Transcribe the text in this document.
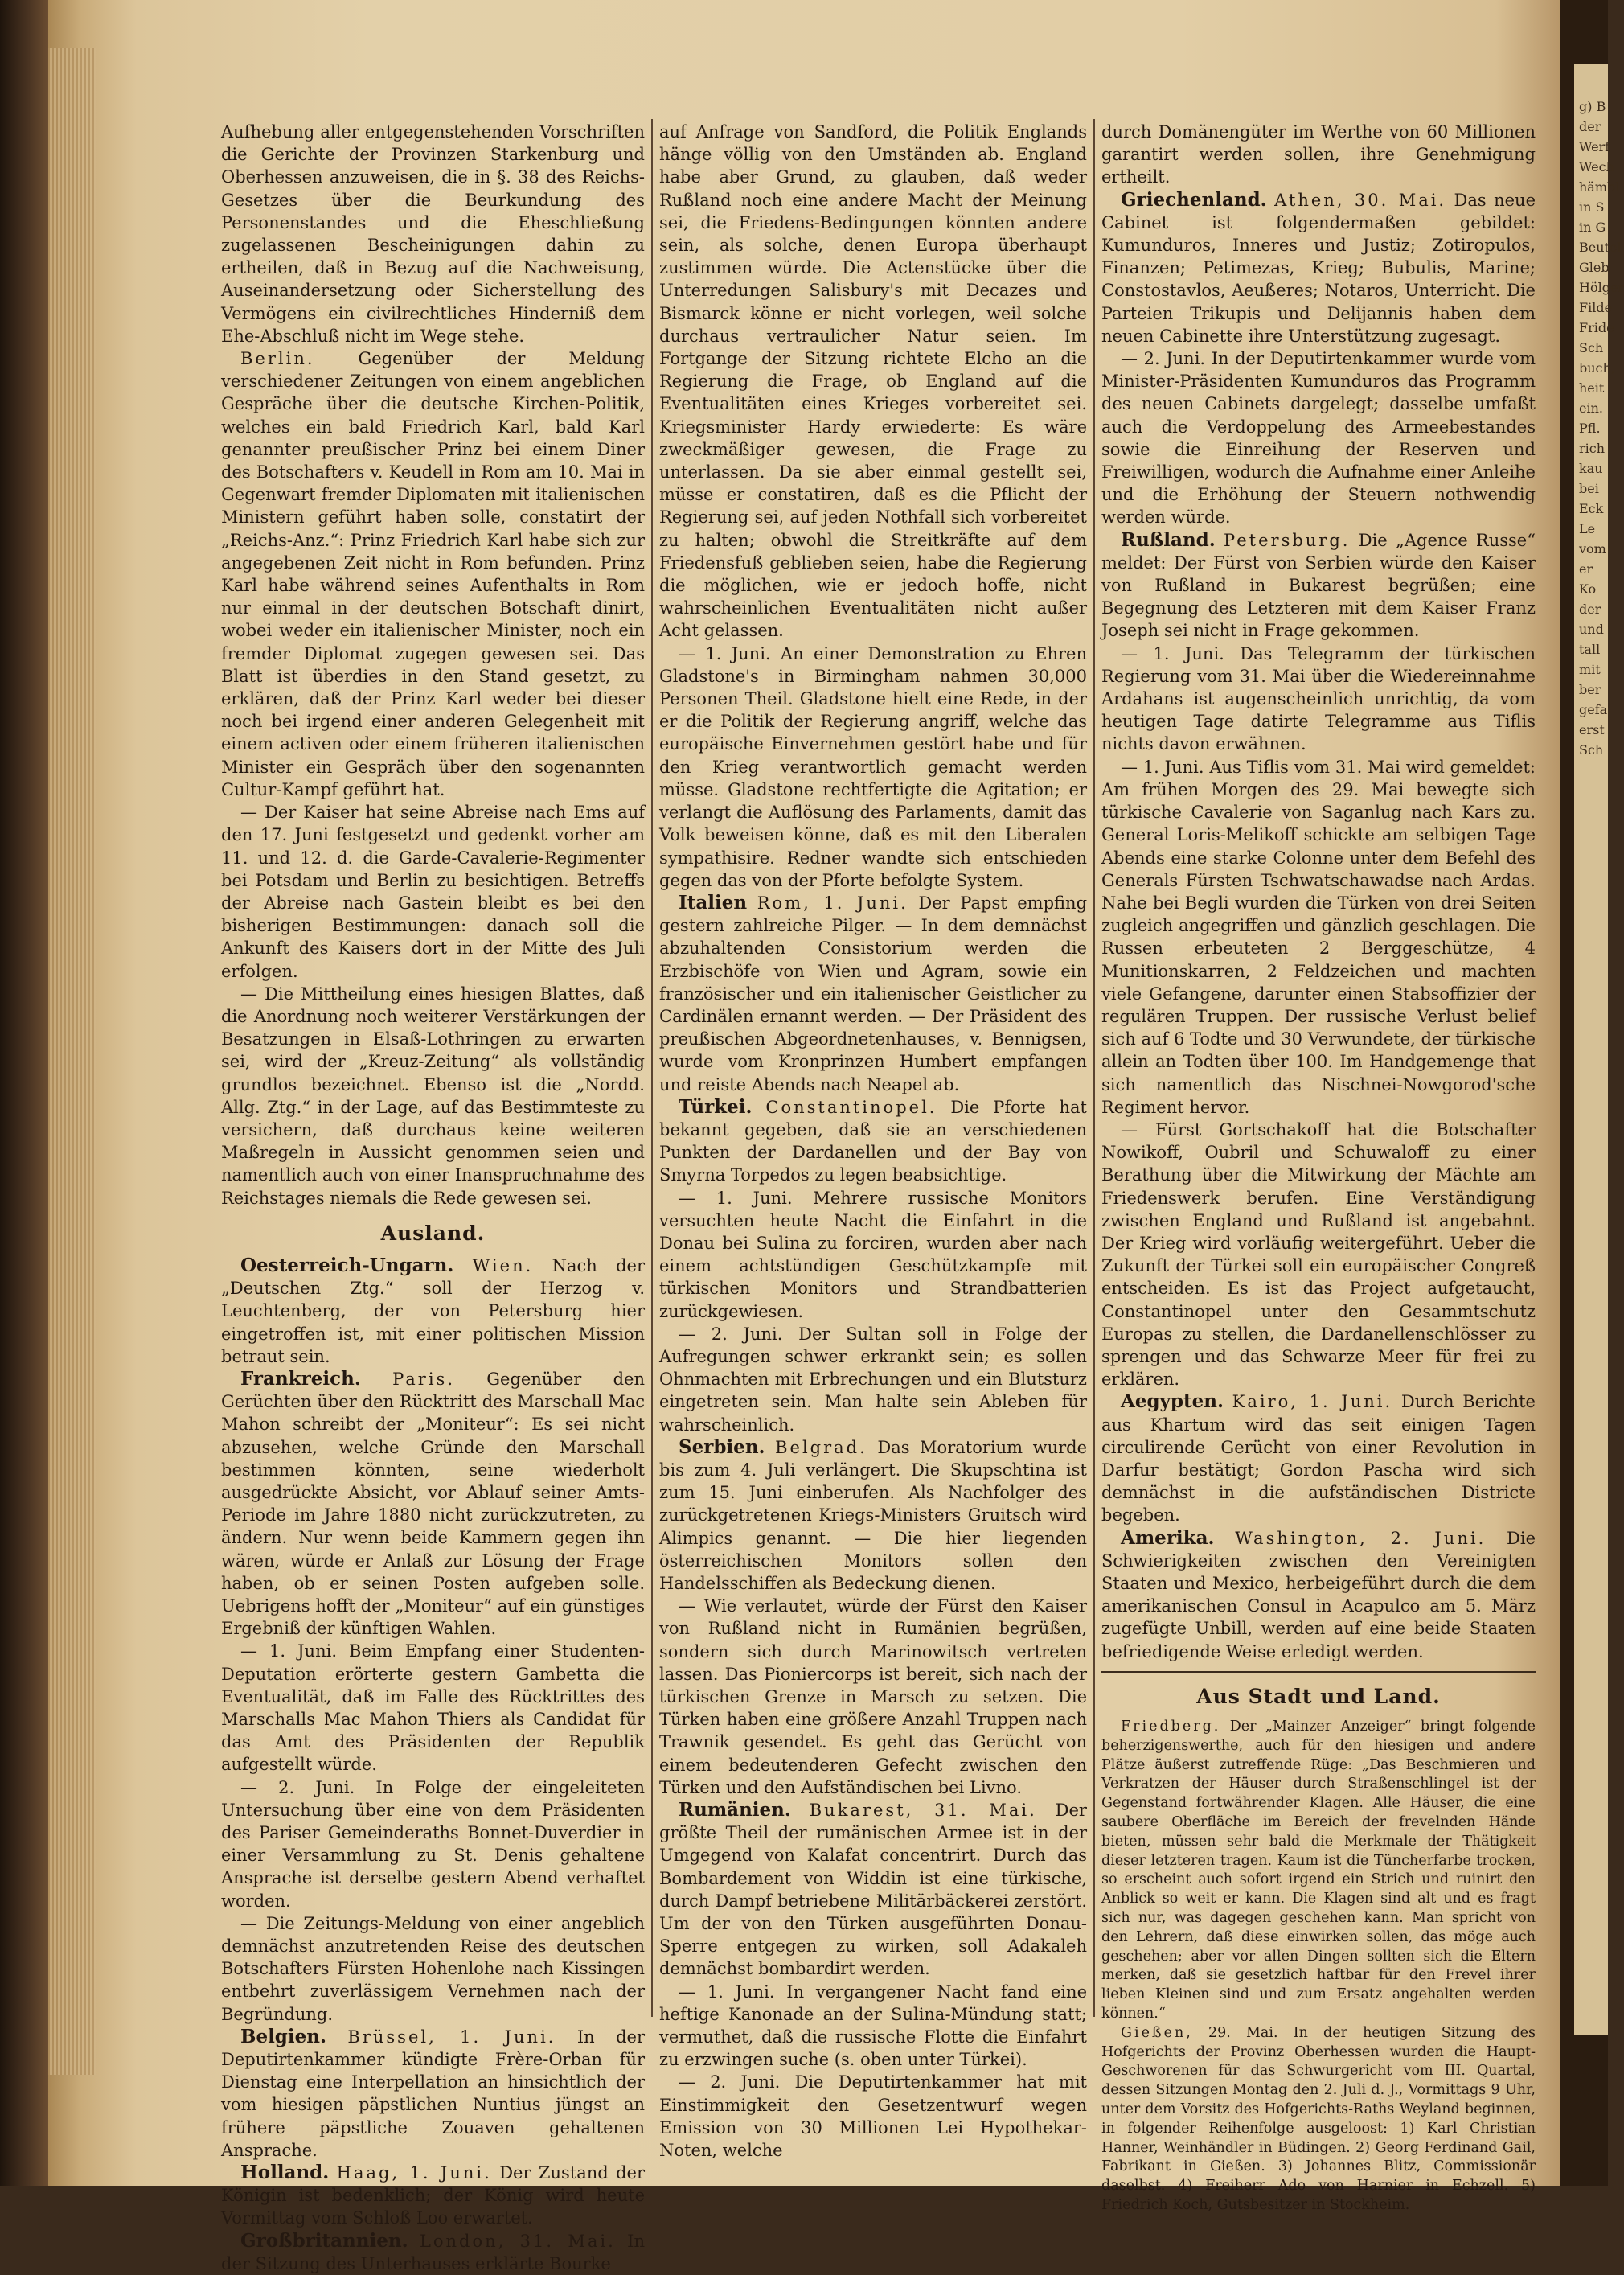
g) B
der
Werf
Wech
hämbl
in S
in G
Beutel
Gleb
Hölger
Filde
Fride
Sch
buch,
heit
ein.
Pfl.
rich
kau
bei
Eck
Le
vom
er
Ko
der
und
tall
mit
ber
gefa
erst
Sch

Aufhebung aller entgegenstehenden Vorschriften die Gerichte der Provinzen Starkenburg und Oberhessen anzuweisen, die in §. 38 des Reichs-Gesetzes über die Beurkundung des Personenstandes und die Eheschließung zugelassenen Bescheinigungen dahin zu ertheilen, daß in Bezug auf die Nachweisung, Auseinandersetzung oder Sicherstellung des Vermögens ein civilrechtliches Hinderniß dem Ehe-Abschluß nicht im Wege stehe.

Berlin.	Gegenüber der Meldung verschiedener Zeitungen von einem angeblichen Gespräche über die deutsche Kirchen-Politik, welches ein bald Friedrich Karl, bald Karl genannter preußischer Prinz bei einem Diner des Botschafters v. Keudell in Rom am 10. Mai in Gegenwart fremder Diplomaten mit italienischen Ministern geführt haben solle, constatirt der „Reichs-Anz.“: Prinz Friedrich Karl habe sich zur angegebenen Zeit nicht in Rom befunden. Prinz Karl habe während seines Aufenthalts in Rom nur einmal in der deutschen Botschaft dinirt, wobei weder ein italienischer Minister, noch ein fremder Diplomat zugegen gewesen sei. Das Blatt ist überdies in den Stand gesetzt, zu erklären, daß der Prinz Karl weder bei dieser noch bei irgend einer anderen Gelegenheit mit einem activen oder einem früheren italienischen Minister ein Gespräch über den sogenannten Cultur-Kampf geführt hat.

— Der Kaiser hat seine Abreise nach Ems auf den 17. Juni festgesetzt und gedenkt vorher am 11. und 12. d. die Garde-Cavalerie-Regimenter bei Potsdam und Berlin zu besichtigen. Betreffs der Abreise nach Gastein bleibt es bei den bisherigen Bestimmungen: danach soll die Ankunft des Kaisers dort in der Mitte des Juli erfolgen.

— Die Mittheilung eines hiesigen Blattes, daß die Anordnung noch weiterer Verstärkungen der Besatzungen in Elsaß-Lothringen zu erwarten sei, wird der „Kreuz-Zeitung“ als vollständig grundlos bezeichnet. Ebenso ist die „Nordd. Allg. Ztg.“ in der Lage, auf das Bestimmteste zu versichern, daß durchaus keine weiteren Maßregeln in Aussicht genommen seien und namentlich auch von einer Inanspruchnahme des Reichstages niemals die Rede gewesen sei.

Ausland.

Oesterreich-Ungarn. Wien. Nach der „Deutschen Ztg.“ soll der Herzog v. Leuchtenberg, der von Petersburg hier eingetroffen ist, mit einer politischen Mission betraut sein.

Frankreich. Paris. Gegenüber den Gerüchten über den Rücktritt des Marschall Mac Mahon schreibt der „Moniteur“: Es sei nicht abzusehen, welche Gründe den Marschall bestimmen könnten, seine wiederholt ausgedrückte Absicht, vor Ablauf seiner Amts-Periode im Jahre 1880 nicht zurückzutreten, zu ändern. Nur wenn beide Kammern gegen ihn wären, würde er Anlaß zur Lösung der Frage haben, ob er seinen Posten aufgeben solle. Uebrigens hofft der „Moniteur“ auf ein günstiges Ergebniß der künftigen Wahlen.

— 1. Juni. Beim Empfang einer Studenten-Deputation erörterte gestern Gambetta die Eventualität, daß im Falle des Rücktrittes des Marschalls Mac Mahon Thiers als Candidat für das Amt des Präsidenten der Republik aufgestellt würde.

— 2. Juni. In Folge der eingeleiteten Untersuchung über eine von dem Präsidenten des Pariser Gemeinderaths Bonnet-Duverdier in einer Versammlung zu St. Denis gehaltene Ansprache ist derselbe gestern Abend verhaftet worden.

— Die Zeitungs-Meldung von einer angeblich demnächst anzutretenden Reise des deutschen Botschafters Fürsten Hohenlohe nach Kissingen entbehrt zuverlässigem Vernehmen nach der Begründung.

Belgien. Brüssel, 1. Juni. In der Deputirtenkammer kündigte Frère-Orban für Dienstag eine Interpellation an hinsichtlich der vom hiesigen päpstlichen Nuntius jüngst an frühere päpstliche Zouaven gehaltenen Ansprache.

Holland. Haag, 1. Juni. Der Zustand der Königin ist bedenklich; der König wird heute Vormittag vom Schloß Loo erwartet.

Großbritannien. London, 31. Mai. In der Sitzung des Unterhauses erklärte Bourke

auf Anfrage von Sandford, die Politik Englands hänge völlig von den Umständen ab. England habe aber Grund, zu glauben, daß weder Rußland noch eine andere Macht der Meinung sei, die Friedens-Bedingungen könnten andere sein, als solche, denen Europa überhaupt zustimmen würde. Die Actenstücke über die Unterredungen Salisbury's mit Decazes und Bismarck könne er nicht vorlegen, weil solche durchaus vertraulicher Natur seien. Im Fortgange der Sitzung richtete Elcho an die Regierung die Frage, ob England auf die Eventualitäten eines Krieges vorbereitet sei. Kriegsminister Hardy erwiederte: Es wäre zweckmäßiger gewesen, die Frage zu unterlassen. Da sie aber einmal gestellt sei, müsse er constatiren, daß es die Pflicht der Regierung sei, auf jeden Nothfall sich vorbereitet zu halten; obwohl die Streitkräfte auf dem Friedensfuß geblieben seien, habe die Regierung die möglichen, wie er jedoch hoffe, nicht wahrscheinlichen Eventualitäten nicht außer Acht gelassen.

— 1. Juni. An einer Demonstration zu Ehren Gladstone's in Birmingham nahmen 30,000 Personen Theil. Gladstone hielt eine Rede, in der er die Politik der Regierung angriff, welche das europäische Einvernehmen gestört habe und für den Krieg verantwortlich gemacht werden müsse. Gladstone rechtfertigte die Agitation; er verlangt die Auflösung des Parlaments, damit das Volk beweisen könne, daß es mit den Liberalen sympathisire. Redner wandte sich entschieden gegen das von der Pforte befolgte System.

Italien Rom, 1. Juni. Der Papst empfing gestern zahlreiche Pilger. — In dem demnächst abzuhaltenden Consistorium werden die Erzbischöfe von Wien und Agram, sowie ein französischer und ein italienischer Geistlicher zu Cardinälen ernannt werden. — Der Präsident des preußischen Abgeordnetenhauses, v. Bennigsen, wurde vom Kronprinzen Humbert empfangen und reiste Abends nach Neapel ab.

Türkei. Constantinopel. Die Pforte hat bekannt gegeben, daß sie an verschiedenen Punkten der Dardanellen und der Bay von Smyrna Torpedos zu legen beabsichtige.

— 1. Juni. Mehrere russische Monitors versuchten heute Nacht die Einfahrt in die Donau bei Sulina zu forciren, wurden aber nach einem achtstündigen Geschützkampfe mit türkischen Monitors und Strandbatterien zurückgewiesen.

— 2. Juni. Der Sultan soll in Folge der Aufregungen schwer erkrankt sein; es sollen Ohnmachten mit Erbrechungen und ein Blutsturz eingetreten sein. Man halte sein Ableben für wahrscheinlich.

Serbien. Belgrad. Das Moratorium wurde bis zum 4. Juli verlängert. Die Skupschtina ist zum 15. Juni einberufen. Als Nachfolger des zurückgetretenen Kriegs-Ministers Gruitsch wird Alimpics genannt. — Die hier liegenden österreichischen Monitors sollen den Handelsschiffen als Bedeckung dienen.

— Wie verlautet, würde der Fürst den Kaiser von Rußland nicht in Rumänien begrüßen, sondern sich durch Marinowitsch vertreten lassen. Das Pioniercorps ist bereit, sich nach der türkischen Grenze in Marsch zu setzen. Die Türken haben eine größere Anzahl Truppen nach Trawnik gesendet. Es geht das Gerücht von einem bedeutenderen Gefecht zwischen den Türken und den Aufständischen bei Livno.

Rumänien. Bukarest, 31. Mai. Der größte Theil der rumänischen Armee ist in der Umgegend von Kalafat concentrirt. Durch das Bombardement von Widdin ist eine türkische, durch Dampf betriebene Militärbäckerei zerstört. Um der von den Türken ausgeführten Donau-Sperre entgegen zu wirken, soll Adakaleh demnächst bombardirt werden.

— 1. Juni. In vergangener Nacht fand eine heftige Kanonade an der Sulina-Mündung statt; vermuthet, daß die russische Flotte die Einfahrt zu erzwingen suche (s. oben unter Türkei).

— 2. Juni. Die Deputirtenkammer hat mit Einstimmigkeit den Gesetzentwurf wegen Emission von 30 Millionen Lei Hypothekar-Noten, welche

durch Domänengüter im Werthe von 60 Millionen garantirt werden sollen, ihre Genehmigung ertheilt.

Griechenland. Athen, 30. Mai. Das neue Cabinet ist folgendermaßen gebildet: Kumunduros, Inneres und Justiz; Zotiropulos, Finanzen; Petimezas, Krieg; Bubulis, Marine; Constostavlos, Aeußeres; Notaros, Unterricht. Die Parteien Trikupis und Delijannis haben dem neuen Cabinette ihre Unterstützung zugesagt.

— 2. Juni. In der Deputirtenkammer wurde vom Minister-Präsidenten Kumunduros das Programm des neuen Cabinets dargelegt; dasselbe umfaßt auch die Verdoppelung des Armeebestandes sowie die Einreihung der Reserven und Freiwilligen, wodurch die Aufnahme einer Anleihe und die Erhöhung der Steuern nothwendig werden würde.

Rußland. Petersburg. Die „Agence Russe“ meldet: Der Fürst von Serbien würde den Kaiser von Rußland in Bukarest begrüßen; eine Begegnung des Letzteren mit dem Kaiser Franz Joseph sei nicht in Frage gekommen.

— 1. Juni. Das Telegramm der türkischen Regierung vom 31. Mai über die Wiedereinnahme Ardahans ist augenscheinlich unrichtig, da vom heutigen Tage datirte Telegramme aus Tiflis nichts davon erwähnen.

— 1. Juni. Aus Tiflis vom 31. Mai wird gemeldet: Am frühen Morgen des 29. Mai bewegte sich türkische Cavalerie von Saganlug nach Kars zu. General Loris-Melikoff schickte am selbigen Tage Abends eine starke Colonne unter dem Befehl des Generals Fürsten Tschwatschawadse nach Ardas. Nahe bei Begli wurden die Türken von drei Seiten zugleich angegriffen und gänzlich geschlagen. Die Russen erbeuteten 2 Berggeschütze, 4 Munitionskarren, 2 Feldzeichen und machten viele Gefangene, darunter einen Stabsoffizier der regulären Truppen. Der russische Verlust belief sich auf 6 Todte und 30 Verwundete, der türkische allein an Todten über 100. Im Handgemenge that sich namentlich das Nischnei-Nowgorod'sche Regiment hervor.

— Fürst Gortschakoff hat die Botschafter Nowikoff, Oubril und Schuwaloff zu einer Berathung über die Mitwirkung der Mächte am Friedenswerk berufen. Eine Verständigung zwischen England und Rußland ist angebahnt. Der Krieg wird vorläufig weitergeführt. Ueber die Zukunft der Türkei soll ein europäischer Congreß entscheiden. Es ist das Project aufgetaucht, Constantinopel unter den Gesammtschutz Europas zu stellen, die Dardanellenschlösser zu sprengen und das Schwarze Meer für frei zu erklären.

Aegypten. Kairo, 1. Juni. Durch Berichte aus Khartum wird das seit einigen Tagen circulirende Gerücht von einer Revolution in Darfur bestätigt; Gordon Pascha wird sich demnächst in die aufständischen Districte begeben.

Amerika. Washington, 2. Juni. Die Schwierigkeiten zwischen den Vereinigten Staaten und Mexico, herbeigeführt durch die dem amerikanischen Consul in Acapulco am 5. März zugefügte Unbill, werden auf eine beide Staaten befriedigende Weise erledigt werden.

Aus Stadt und Land.

Friedberg. Der „Mainzer Anzeiger“ bringt folgende beherzigenswerthe, auch für den hiesigen und andere Plätze äußerst zutreffende Rüge: „Das Beschmieren und Verkratzen der Häuser durch Straßenschlingel ist der Gegenstand fortwährender Klagen. Alle Häuser, die eine saubere Oberfläche im Bereich der frevelnden Hände bieten, müssen sehr bald die Merkmale der Thätigkeit dieser letzteren tragen. Kaum ist die Tüncherfarbe trocken, so erscheint auch sofort irgend ein Strich und ruinirt den Anblick so weit er kann. Die Klagen sind alt und es fragt sich nur, was dagegen geschehen kann. Man spricht von den Lehrern, daß diese einwirken sollen, das möge auch geschehen; aber vor allen Dingen sollten sich die Eltern merken, daß sie gesetzlich haftbar für den Frevel ihrer lieben Kleinen sind und zum Ersatz angehalten werden können.“

Gießen, 29. Mai. In der heutigen Sitzung des Hofgerichts der Provinz Oberhessen wurden die Haupt-Geschworenen für das Schwurgericht vom III. Quartal, dessen Sitzungen Montag den 2. Juli d. J., Vormittags 9 Uhr, unter dem Vorsitz des Hofgerichts-Raths Weyland beginnen, in folgender Reihenfolge ausgeloost: 1) Karl Christian Hanner, Weinhändler in Büdingen. 2) Georg Ferdinand Gail, Fabrikant in Gießen. 3) Johannes Blitz, Commissionär daselbst. 4) Freiherr Ado von Harnier in Echzell. 5) Friedrich Koch, Gutsbesitzer in Stockheim.
